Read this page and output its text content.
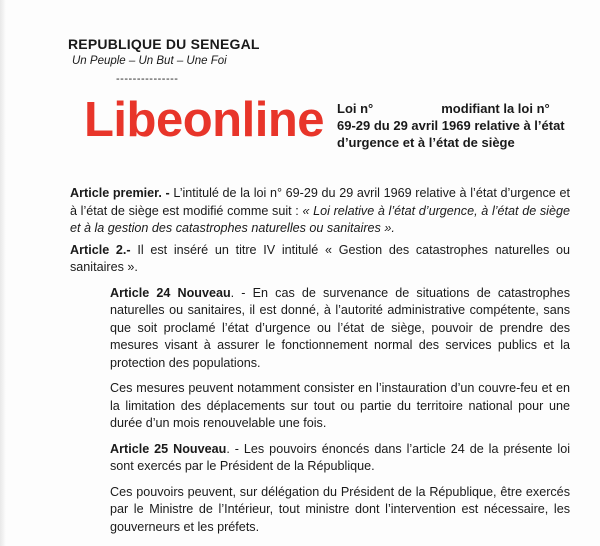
REPUBLIQUE DU SENEGAL
Un Peuple – Un But – Une Foi
---------------
Libeonline Loi n°	modifiant la loi n° 69-29 du 29 avril 1969 relative à l’état d’urgence et à l’état de siège

Article premier. - L’intitulé de la loi n° 69-29 du 29 avril 1969 relative à l’état d’urgence et à l’état de siège est modifié comme suit : « Loi relative à l’état d’urgence, à l’état de siège et à la gestion des catastrophes naturelles ou sanitaires ».

Article 2.- Il est inséré un titre IV intitulé « Gestion des catastrophes naturelles ou sanitaires ».

Article 24 Nouveau. - En cas de survenance de situations de catastrophes naturelles ou sanitaires, il est donné, à l’autorité administrative compétente, sans que soit proclamé l’état d’urgence ou l’état de siège, pouvoir de prendre des mesures visant à assurer le fonctionnement normal des services publics et la protection des populations.

Ces mesures peuvent notamment consister en l’instauration d’un couvre-feu et en la limitation des déplacements sur tout ou partie du territoire national pour une durée d’un mois renouvelable une fois.

Article 25 Nouveau. - Les pouvoirs énoncés dans l’article 24 de la présente loi sont exercés par le Président de la République.

Ces pouvoirs peuvent, sur délégation du Président de la République, être exercés par le Ministre de l’Intérieur, tout ministre dont l’intervention est nécessaire, les gouverneurs et les préfets.
